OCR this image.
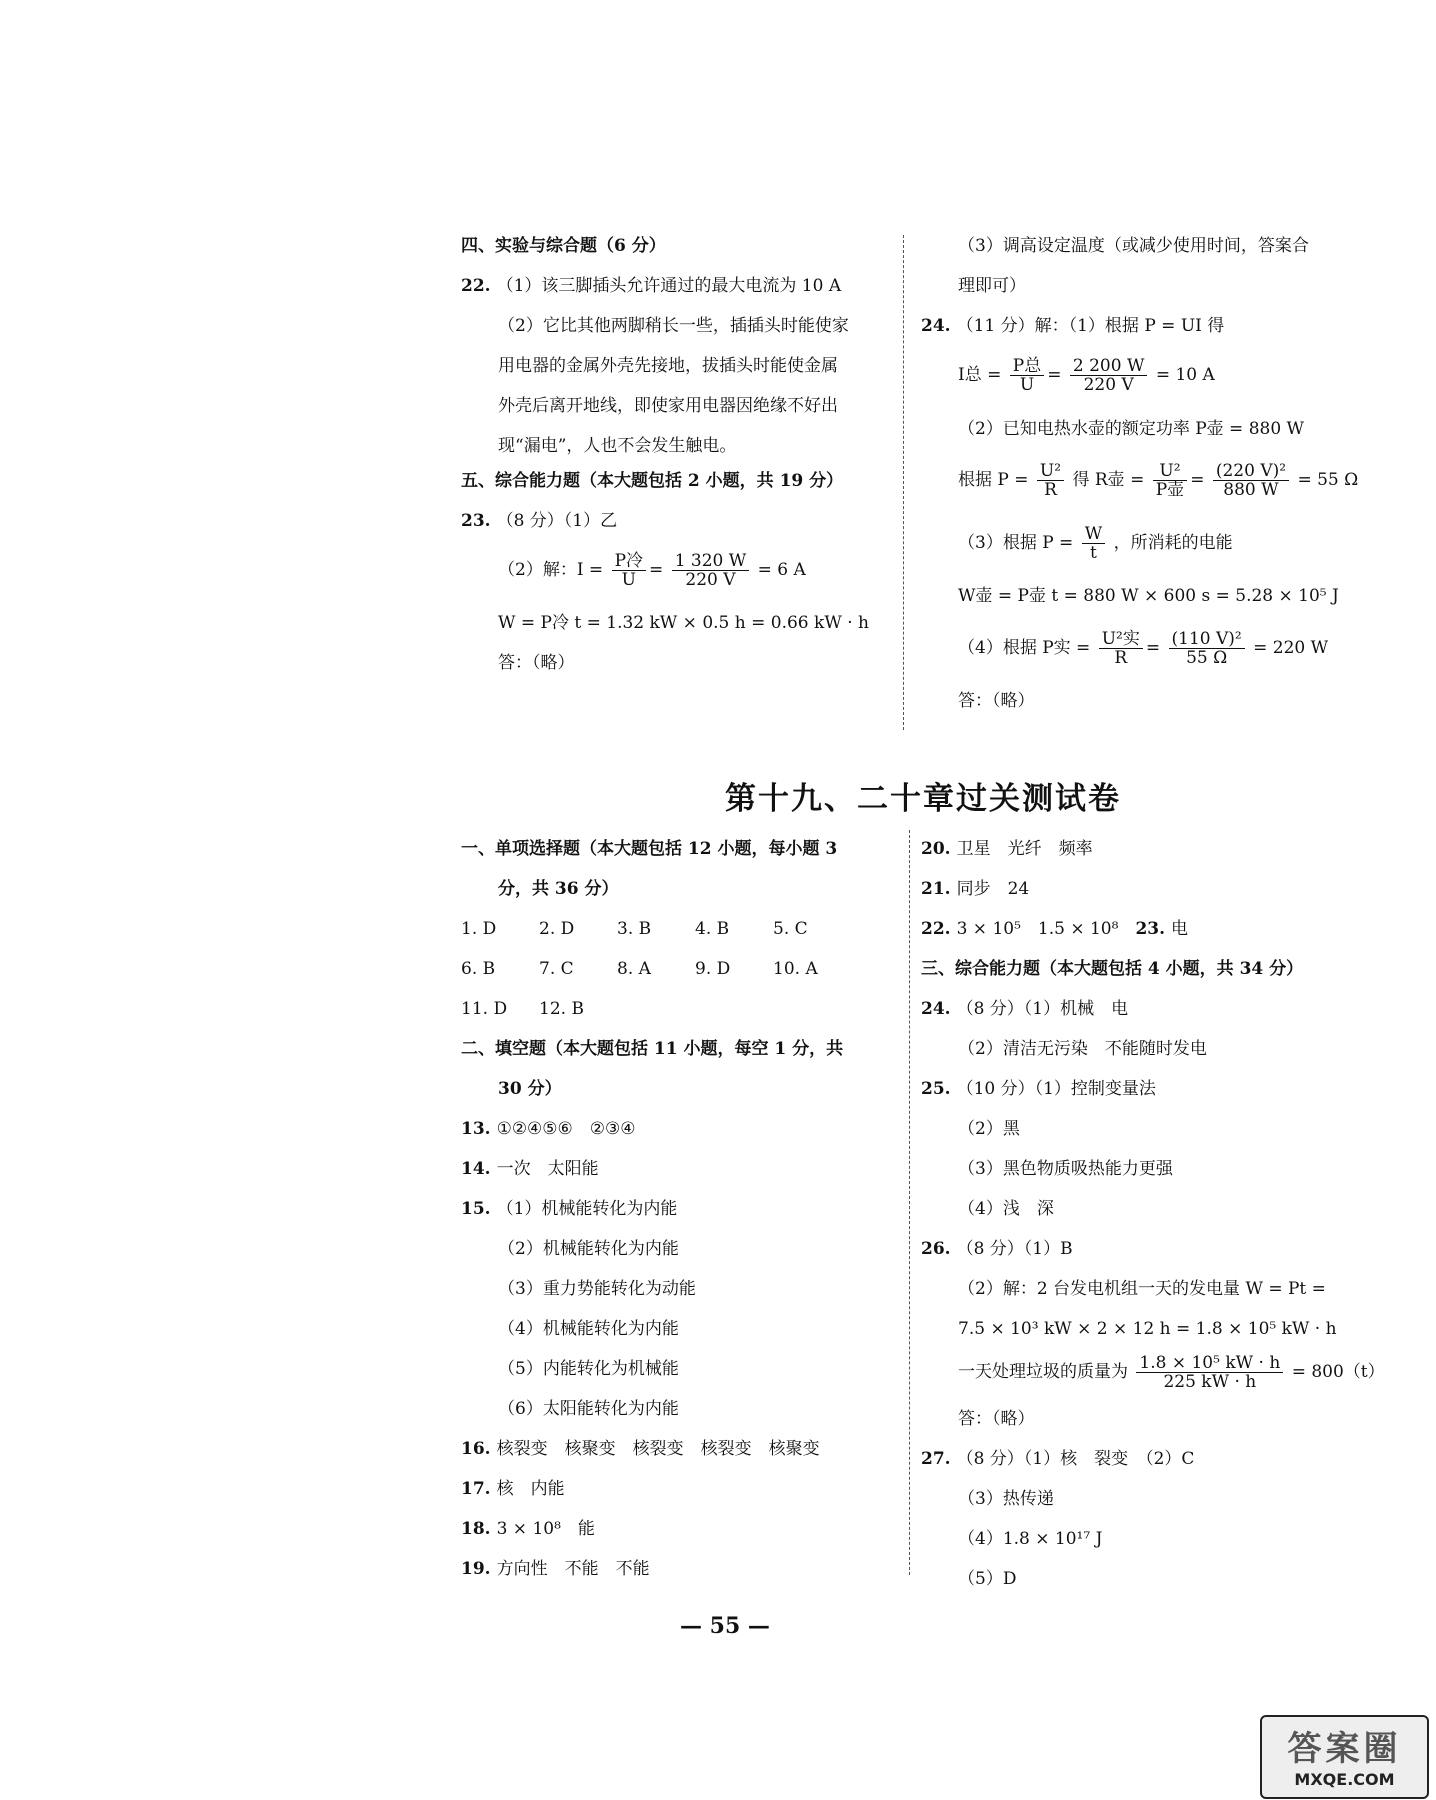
四、实验与综合题（6 分）
22. （1）该三脚插头允许通过的最大电流为 10 A
（2）它比其他两脚稍长一些，插插头时能使家
用电器的金属外壳先接地，拔插头时能使金属
外壳后离开地线，即使家用电器因绝缘不好出
现“漏电”，人也不会发生触电。
五、综合能力题（本大题包括 2 小题，共 19 分）
23. （8 分）（1）乙
（2）解：$I = \frac{\text{P冷}}{U} = \frac{1 320 W}{220 V} = 6$ A
W = P冷 t = 1.32 kW × 0.5 h = 0.66 kW · h
答：（略）
（3）调高设定温度（或减少使用时间，答案合
理即可）
24. （11 分）解：（1）根据 P = UI 得
I总 = $\frac{\text{P总}}{U} = \frac{2 200 W}{220 V} = 10$ A
（2）已知电热水壶的额定功率 P壶 = 880 W
根据 $P = \frac{\text{U²}}{R}$ 得 R壶 = $\frac{\text{U²}}{\text{P壶}} = \frac{\text{(220 V)²}}{880 W} = 55$ Ω
（3）根据 $P = \frac{W}{t}$ ，所消耗的电能
W壶 = P壶 t = 880 W × 600 s = 5.28 × 10⁵ J
（4）根据 P实 = $\frac{\text{U²实}}{R} = \frac{\text{(110 V)²}}{55 \Omega} = 220$ W
答：（略）
第十九、二十章过关测试卷
一、单项选择题（本大题包括 12 小题，每小题 3
分，共 36 分）
1. D	2. D	3. B	4. B	5. C
6. B	7. C	8. A	9. D	10. A
11. D 12. B
二、填空题（本大题包括 11 小题，每空 1 分，共
30 分）
13. ①②④⑤⑥　②③④
14. 一次　太阳能
15. （1）机械能转化为内能
（2）机械能转化为内能
（3）重力势能转化为动能
（4）机械能转化为内能
（5）内能转化为机械能
（6）太阳能转化为内能
16. 核裂变　核聚变　核裂变　核裂变　核聚变
17. 核　内能
18. 3 × 10⁸　能
19. 方向性　不能　不能
20. 卫星　光纤　频率
21. 同步　24
22. 3 × 10⁵　1.5 × 10⁸　 23. 电
三、综合能力题（本大题包括 4 小题，共 34 分）
24. （8 分）（1）机械　电
（2）清洁无污染　不能随时发电
25. （10 分）（1）控制变量法
（2）黑
（3）黑色物质吸热能力更强
（4）浅　深
26. （8 分）（1）B
（2）解：2 台发电机组一天的发电量 W = Pt =
7.5 × 10³ kW × 2 × 12 h = 1.8 × 10⁵ kW · h
一天处理垃圾的质量为 $\frac{\text{1.8 × 10⁵ kW · h}}{225 kW \cdot h} = 800(t)$
答：（略）
27. （8 分）（1）核　裂变　（2）C
（3）热传递
（4）1.8 × 10¹⁷ J
（5）D
— 55 —
答案圈
MXQE.COM
